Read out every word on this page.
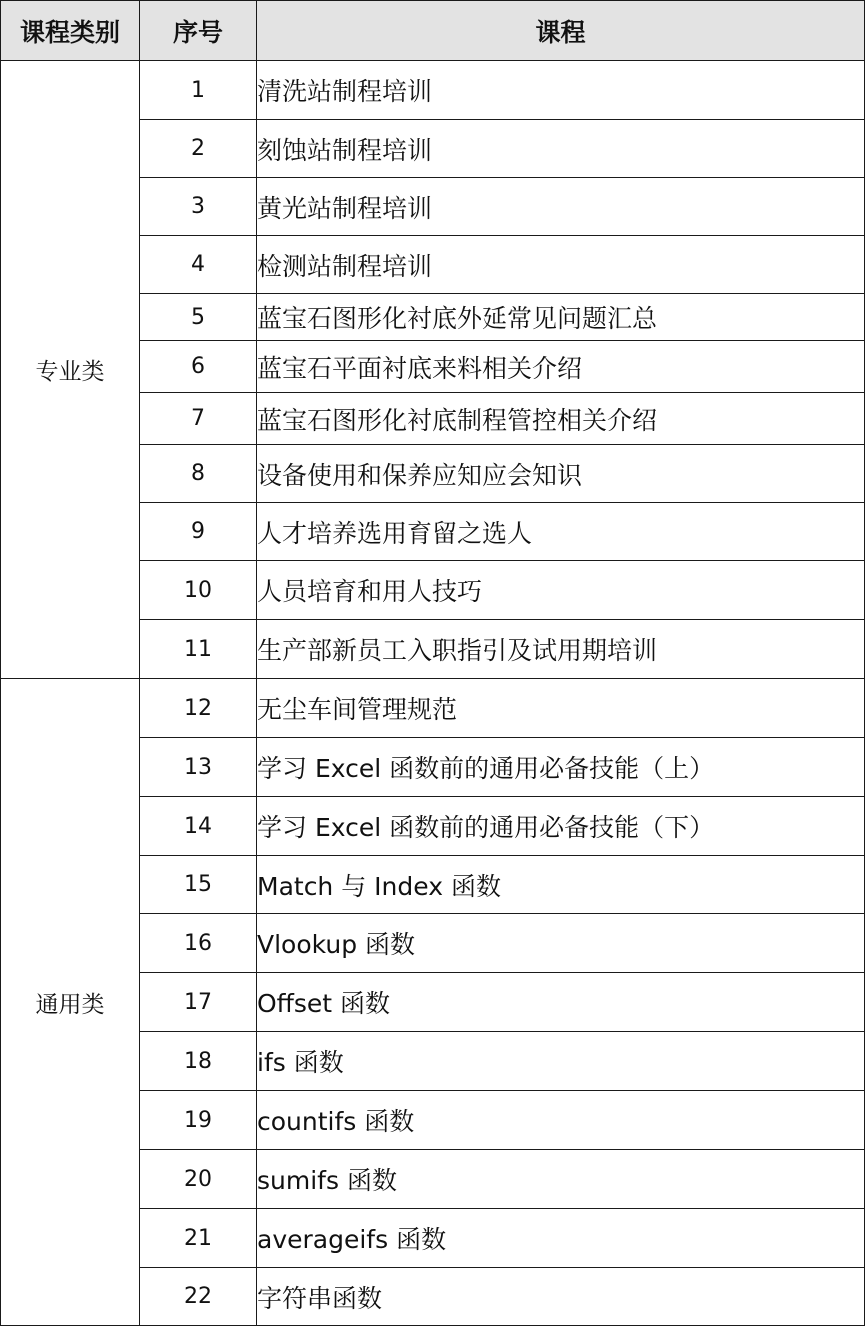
课程类别	序号	课程
专业类	1	清洗站制程培训
	2	刻蚀站制程培训
	3	黄光站制程培训
	4	检测站制程培训
	5	蓝宝石图形化衬底外延常见问题汇总
	6	蓝宝石平面衬底来料相关介绍
	7	蓝宝石图形化衬底制程管控相关介绍
	8	设备使用和保养应知应会知识
	9	人才培养选用育留之选人
	10	人员培育和用人技巧
	11	生产部新员工入职指引及试用期培训
通用类	12	无尘车间管理规范
	13	学习 Excel 函数前的通用必备技能（上）
	14	学习 Excel 函数前的通用必备技能（下）
	15	Match 与 Index 函数
	16	Vlookup 函数
	17	Offset 函数
	18	ifs 函数
	19	countifs 函数
	20	sumifs 函数
	21	averageifs 函数
	22	字符串函数
